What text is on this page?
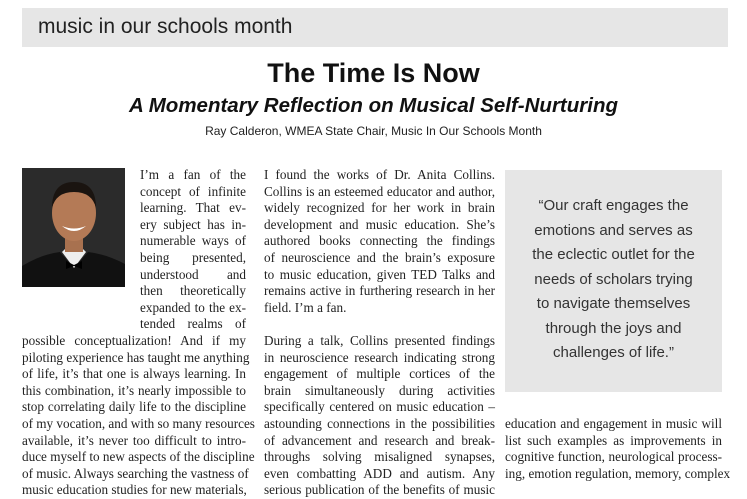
music in our schools month
The Time Is Now
A Momentary Reflection on Musical Self-Nurturing
Ray Calderon, WMEA State Chair, Music In Our Schools Month
I’m a fan of the
concept of infinite
learning. That ev-
ery subject has in-
numerable ways of
being presented,
understood and
then theoretically
expanded to the ex-
tended realms of
possible conceptualization! And if my
piloting experience has taught me anything
of life, it’s that one is always learning. In
this combination, it’s nearly impossible to
stop correlating daily life to the discipline
of my vocation, and with so many resources
available, it’s never too difficult to intro-
duce myself to new aspects of the discipline
of music. Always searching the vastness of
music education studies for new materials,
I found the works of Dr. Anita Collins.
Collins is an esteemed educator and author,
widely recognized for her work in brain
development and music education. She’s
authored books connecting the findings
of neuroscience and the brain’s exposure
to music education, given TED Talks and
remains active in furthering research in her
field. I’m a fan.
During a talk, Collins presented findings
in neuroscience research indicating strong
engagement of multiple cortices of the
brain simultaneously during activities
specifically centered on music education –
astounding connections in the possibilities
of advancement and research and break-
throughs solving misaligned synapses,
even combatting ADD and autism. Any
serious publication of the benefits of music
“Our craft engages the
emotions and serves as
the eclectic outlet for the
needs of scholars trying
to navigate themselves
through the joys and
challenges of life.”
education and engagement in music will
list such examples as improvements in
cognitive function, neurological process-
ing, emotion regulation, memory, complex
